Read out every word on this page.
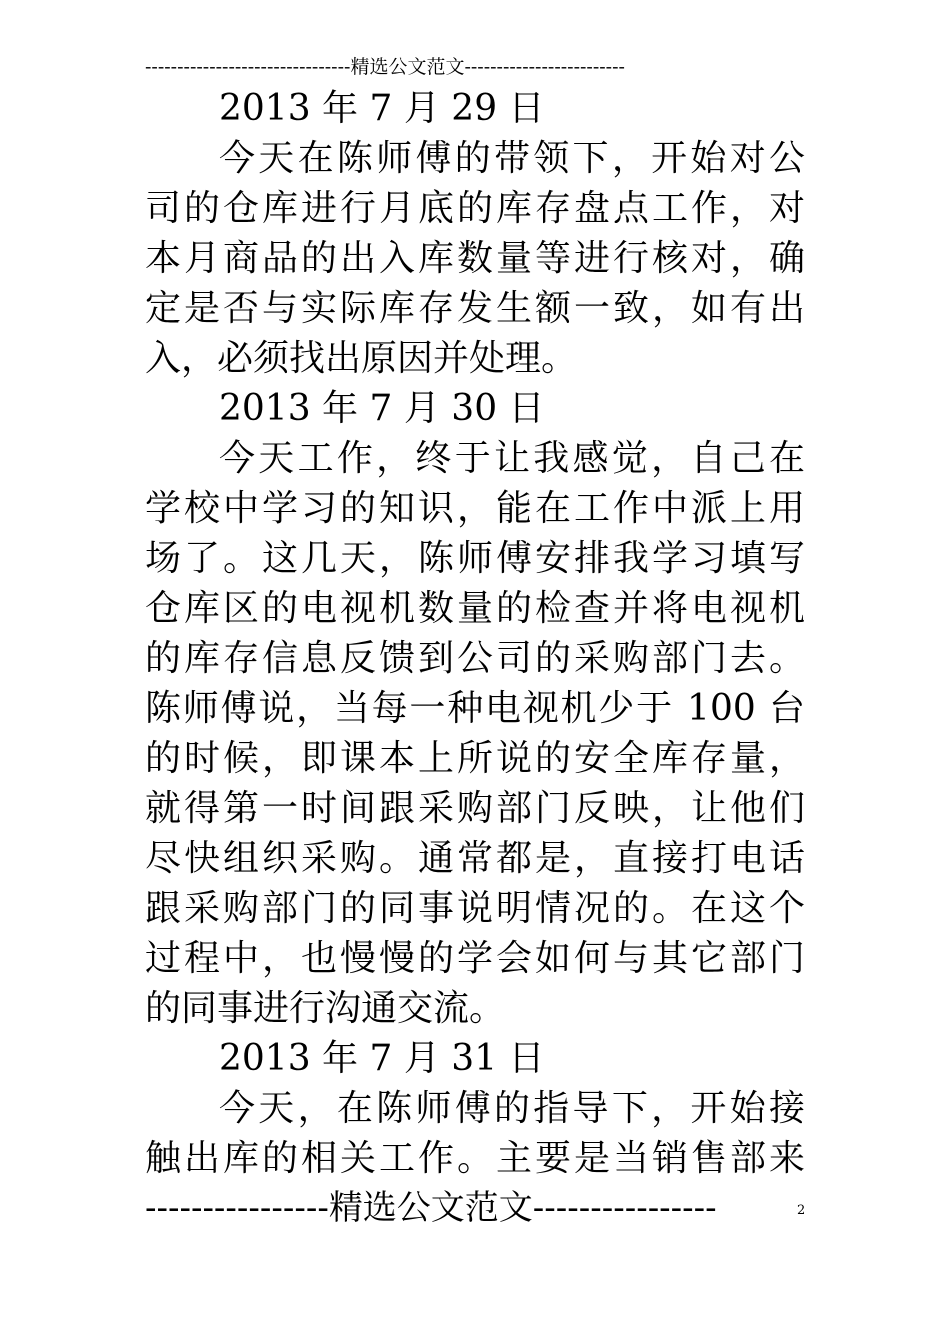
--------------------------------精选公文范文-------------------------
2013 年 7 月 29 日
今天在陈师傅的带领下，开始对公
司的仓库进行月底的库存盘点工作，对
本月商品的出入库数量等进行核对，确
定是否与实际库存发生额一致，如有出
入，必须找出原因并处理。
2013 年 7 月 30 日
今天工作，终于让我感觉，自己在
学校中学习的知识，能在工作中派上用
场了。这几天，陈师傅安排我学习填写
仓库区的电视机数量的检查并将电视机
的库存信息反馈到公司的采购部门去。
陈师傅说，当每一种电视机少于 100 台
的时候，即课本上所说的安全库存量，
就得第一时间跟采购部门反映，让他们
尽快组织采购。通常都是，直接打电话
跟采购部门的同事说明情况的。在这个
过程中，也慢慢的学会如何与其它部门
的同事进行沟通交流。
2013 年 7 月 31 日
今天，在陈师傅的指导下，开始接
触出库的相关工作。主要是当销售部来
----------------精选公文范文----------------	2
